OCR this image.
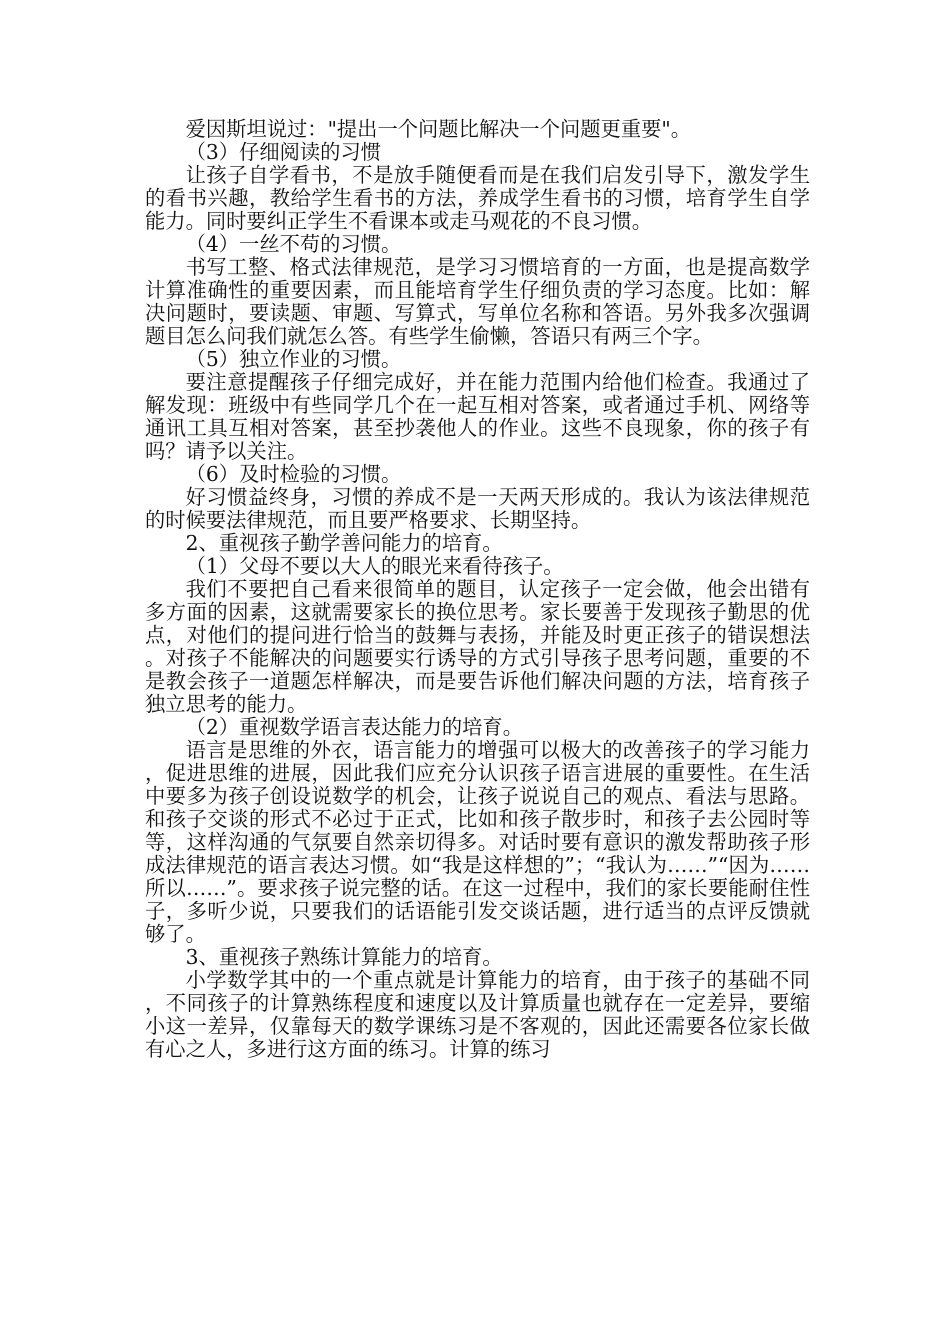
爱因斯坦说过："提出一个问题比解决一个问题更重要"。

（3）仔细阅读的习惯

让孩子自学看书，不是放手随便看而是在我们启发引导下，激发学生的看书兴趣，教给学生看书的方法，养成学生看书的习惯，培育学生自学能力。同时要纠正学生不看课本或走马观花的不良习惯。

（4）一丝不苟的习惯。

书写工整、格式法律规范，是学习习惯培育的一方面，也是提高数学计算准确性的重要因素，而且能培育学生仔细负责的学习态度。比如：解决问题时，要读题、审题、写算式，写单位名称和答语。另外我多次强调题目怎么问我们就怎么答。有些学生偷懒，答语只有两三个字。

（5）独立作业的习惯。

要注意提醒孩子仔细完成好，并在能力范围内给他们检查。我通过了解发现：班级中有些同学几个在一起互相对答案，或者通过手机、网络等通讯工具互相对答案，甚至抄袭他人的作业。这些不良现象，你的孩子有吗？请予以关注。

（6）及时检验的习惯。

好习惯益终身，习惯的养成不是一天两天形成的。我认为该法律规范的时候要法律规范，而且要严格要求、长期坚持。

2、重视孩子勤学善问能力的培育。

（1）父母不要以大人的眼光来看待孩子。

我们不要把自己看来很简单的题目，认定孩子一定会做，他会出错有多方面的因素，这就需要家长的换位思考。家长要善于发现孩子勤思的优点，对他们的提问进行恰当的鼓舞与表扬，并能及时更正孩子的错误想法。对孩子不能解决的问题要实行诱导的方式引导孩子思考问题，重要的不是教会孩子一道题怎样解决，而是要告诉他们解决问题的方法，培育孩子独立思考的能力。

（2）重视数学语言表达能力的培育。

语言是思维的外衣，语言能力的增强可以极大的改善孩子的学习能力，促进思维的进展，因此我们应充分认识孩子语言进展的重要性。在生活中要多为孩子创设说数学的机会，让孩子说说自己的观点、看法与思路。和孩子交谈的形式不必过于正式，比如和孩子散步时，和孩子去公园时等等，这样沟通的气氛要自然亲切得多。对话时要有意识的激发帮助孩子形成法律规范的语言表达习惯。如“我是这样想的”；“我认为……”“因为……所以……”。要求孩子说完整的话。在这一过程中，我们的家长要能耐住性子，多听少说，只要我们的话语能引发交谈话题，进行适当的点评反馈就够了。

3、重视孩子熟练计算能力的培育。

小学数学其中的一个重点就是计算能力的培育，由于孩子的基础不同，不同孩子的计算熟练程度和速度以及计算质量也就存在一定差异，要缩小这一差异，仅靠每天的数学课练习是不客观的，因此还需要各位家长做有心之人，多进行这方面的练习。计算的练习
